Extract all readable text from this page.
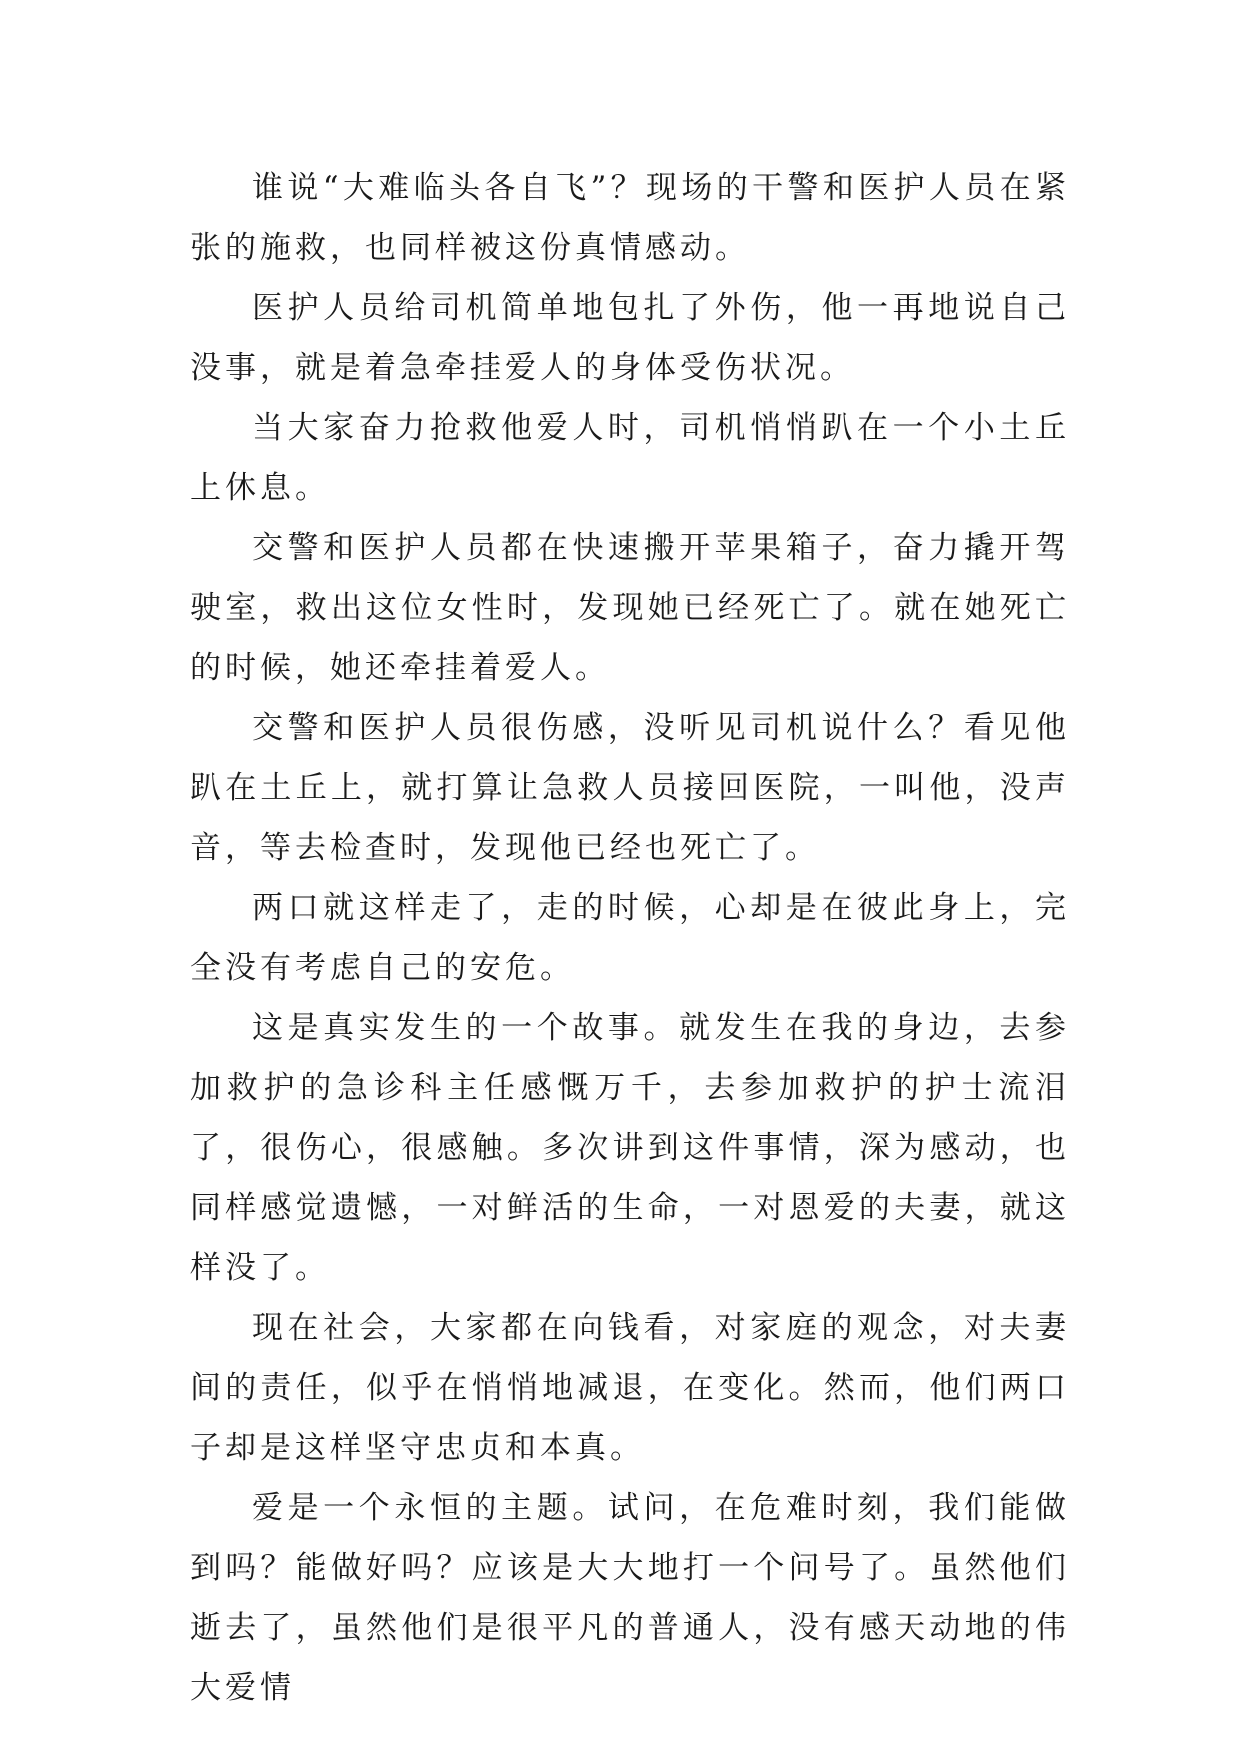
谁说“大难临头各自飞”？现场的干警和医护人员在紧张的施救，也同样被这份真情感动。

医护人员给司机简单地包扎了外伤，他一再地说自己没事，就是着急牵挂爱人的身体受伤状况。

当大家奋力抢救他爱人时，司机悄悄趴在一个小土丘上休息。

交警和医护人员都在快速搬开苹果箱子，奋力撬开驾驶室，救出这位女性时，发现她已经死亡了。就在她死亡的时候，她还牵挂着爱人。

交警和医护人员很伤感，没听见司机说什么？看见他趴在土丘上，就打算让急救人员接回医院，一叫他，没声音，等去检查时，发现他已经也死亡了。

两口就这样走了，走的时候，心却是在彼此身上，完全没有考虑自己的安危。

这是真实发生的一个故事。就发生在我的身边，去参加救护的急诊科主任感慨万千，去参加救护的护士流泪了，很伤心，很感触。多次讲到这件事情，深为感动，也同样感觉遗憾，一对鲜活的生命，一对恩爱的夫妻，就这样没了。

现在社会，大家都在向钱看，对家庭的观念，对夫妻间的责任，似乎在悄悄地减退，在变化。然而，他们两口子却是这样坚守忠贞和本真。

爱是一个永恒的主题。试问，在危难时刻，我们能做到吗？能做好吗？应该是大大地打一个问号了。虽然他们逝去了，虽然他们是很平凡的普通人，没有感天动地的伟大爱情
